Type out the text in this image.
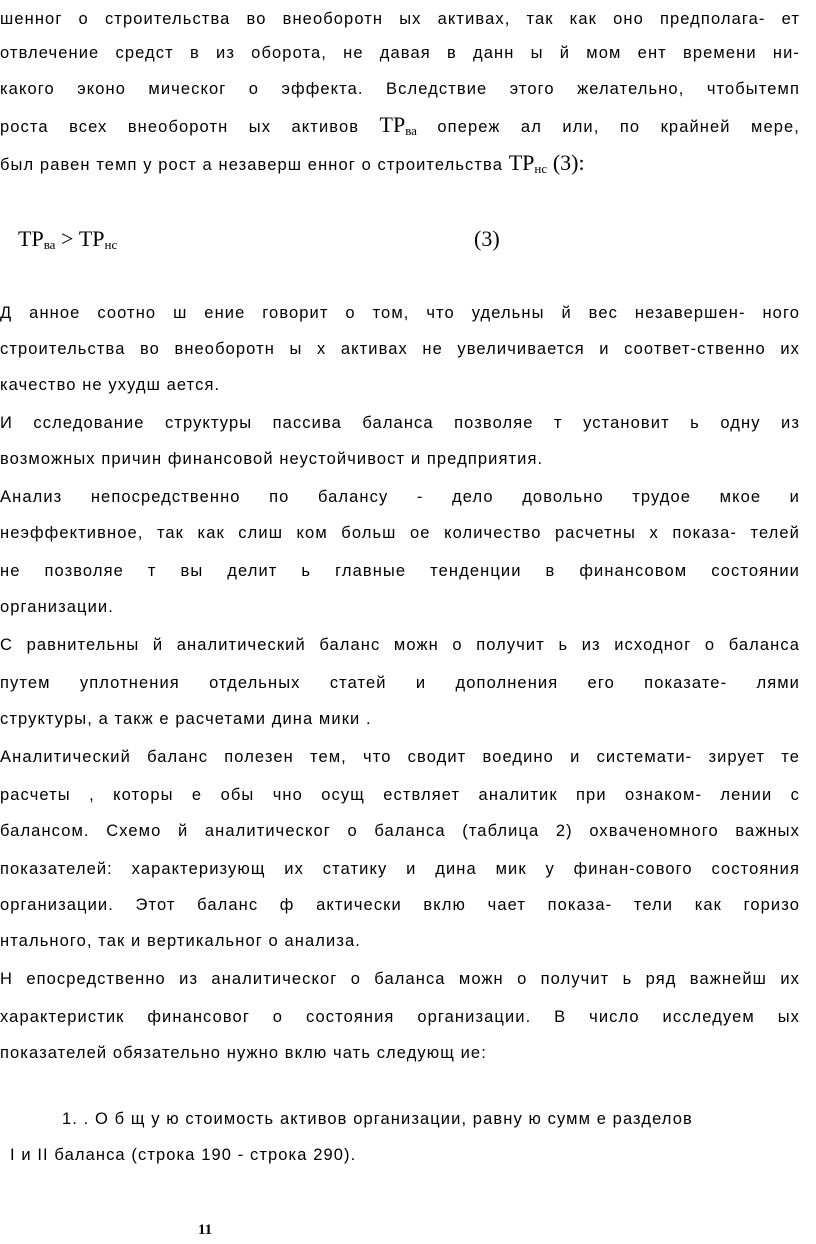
шенног о строительства во внеоборотн ых активах, так как оно предполага- ет
отвлечение средст в из оборота, не давая в данн ы й мом ент времени ни-
какого эконо мическог о эффекта. Вследствие этого желательно, чтобытемп
роста всех внеоборотн ых активов $ТР_{ва}$ опереж ал или, по крайней мере,
был равен темп у рост а незаверш енног о строительства $ТР_{нс}$ (3):
$ТР_{ва} > ТР_{нс}$	(3)
Д анное соотно ш ение говорит о том, что удельны й вес незавершен- ного
строительства во внеоборотн ы х активах не увеличивается и соответ-ственно их
качество не ухудш ается.
И сследование структуры пассива баланса позволяе т установит ь одну из
возможных причин финансовой неустойчивост и предприятия.
Анализ непосредственно по балансу - дело довольно трудое мкое и
неэффективное, так как слиш ком больш ое количество расчетны х показа- телей
не позволяе т вы делит ь главные тенденции в финансовом состоянии
организации.
С равнительны й аналитический баланс можн о получит ь из исходног о баланса
путем уплотнения отдельных статей и дополнения его показате- лями
структуры, а такж е расчетами дина мики .
Аналитический баланс полезен тем, что сводит воедино и системати- зирует те
расчеты , которы е обы чно осущ ествляет аналитик при ознаком- лении с
балансом. Схемо й аналитическог о баланса (таблица 2) охваченомного важных
показателей: характеризующ их статику и дина мик у финан-сового состояния
организации. Этот баланс ф актически вклю чает показа- тели как горизо
нтального, так и вертикальног о анализа.
Н епосредственно из аналитическог о баланса можн о получит ь ряд важнейш их
характеристик финансовог о состояния организации. В число исследуем ых
показателей обязательно нужно вклю чать следующ ие:
1. . О б щ у ю стоимость активов организации, равну ю сумм е разделов
I и II баланса (строка 190 - строка 290).
11
